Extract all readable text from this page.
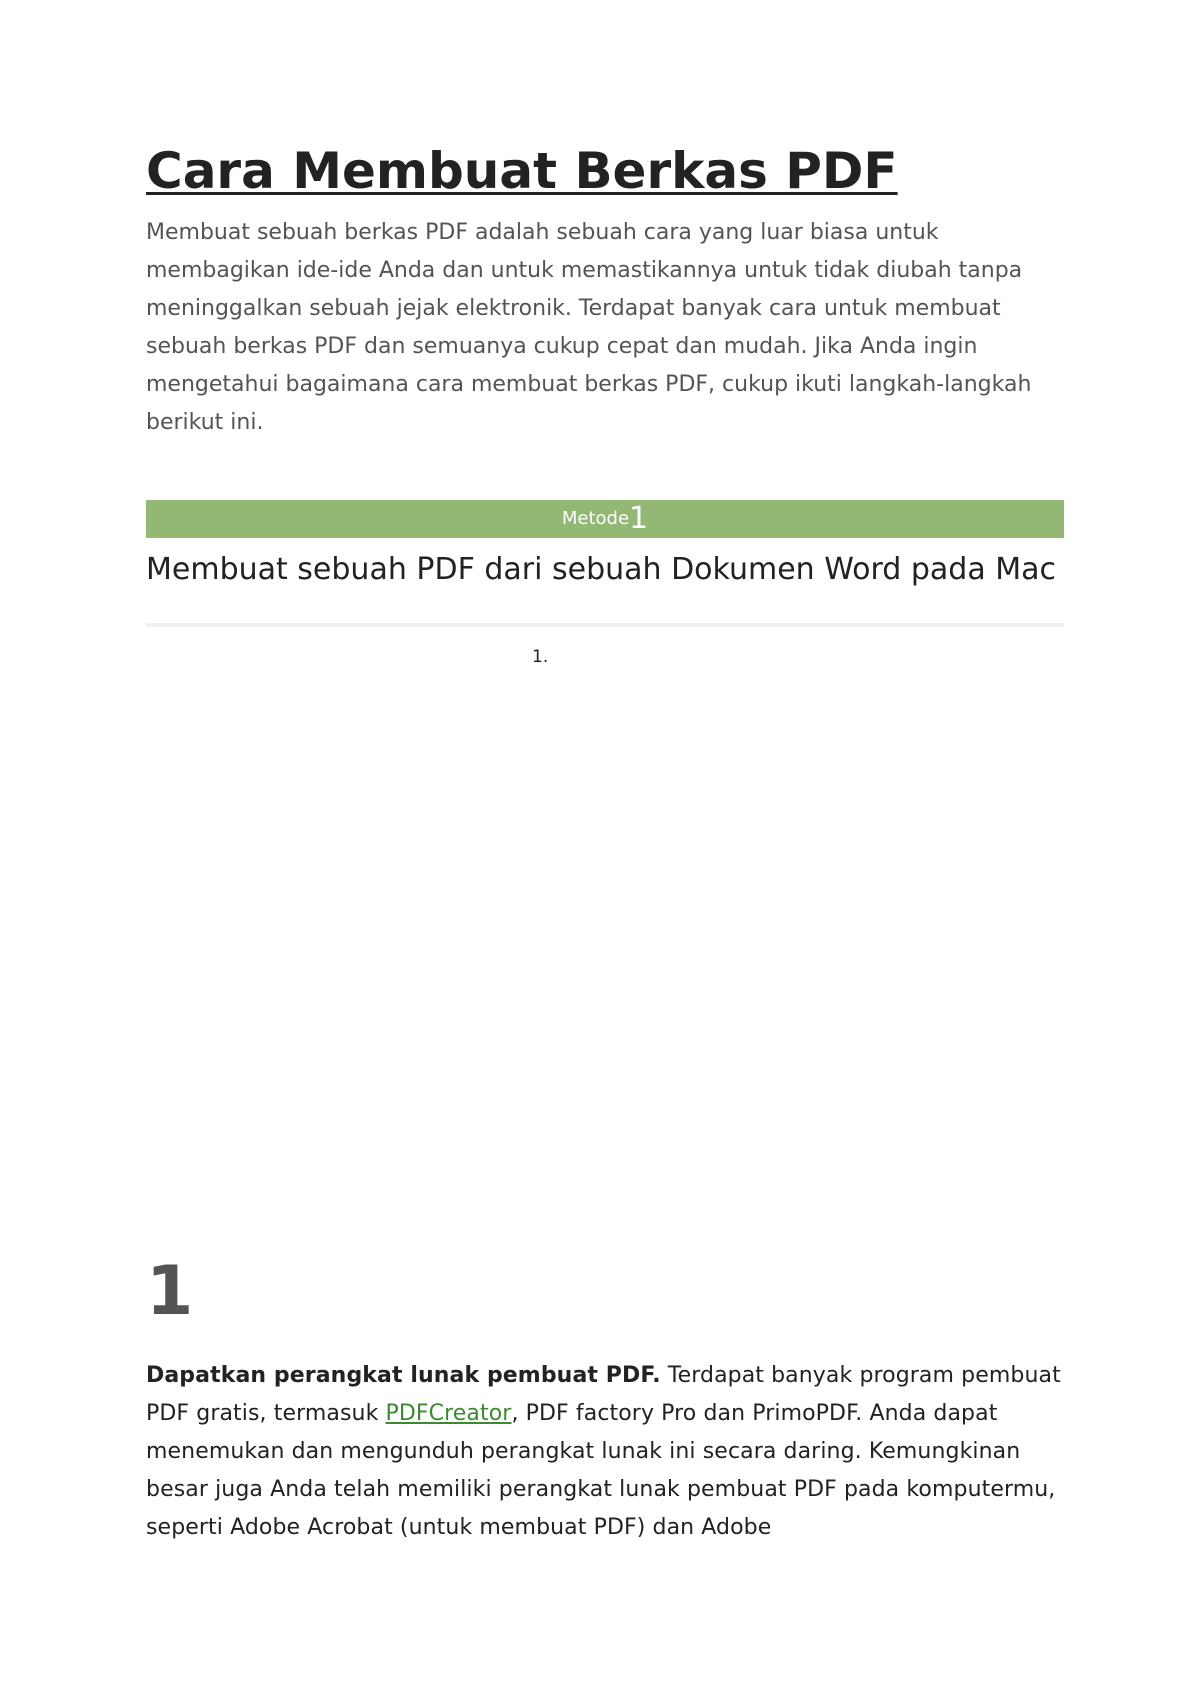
Cara Membuat Berkas PDF

Membuat sebuah berkas PDF adalah sebuah cara yang luar biasa untuk membagikan ide-ide Anda dan untuk memastikannya untuk tidak diubah tanpa meninggalkan sebuah jejak elektronik. Terdapat banyak cara untuk membuat sebuah berkas PDF dan semuanya cukup cepat dan mudah. Jika Anda ingin mengetahui bagaimana cara membuat berkas PDF, cukup ikuti langkah-langkah berikut ini.

Metode 1
Membuat sebuah PDF dari sebuah Dokumen Word pada Mac
1.
1

Dapatkan perangkat lunak pembuat PDF. Terdapat banyak program pembuat PDF gratis, termasuk PDFCreator, PDF factory Pro dan PrimoPDF. Anda dapat menemukan dan mengunduh perangkat lunak ini secara daring. Kemungkinan besar juga Anda telah memiliki perangkat lunak pembuat PDF pada komputermu, seperti Adobe Acrobat (untuk membuat PDF) dan Adobe
